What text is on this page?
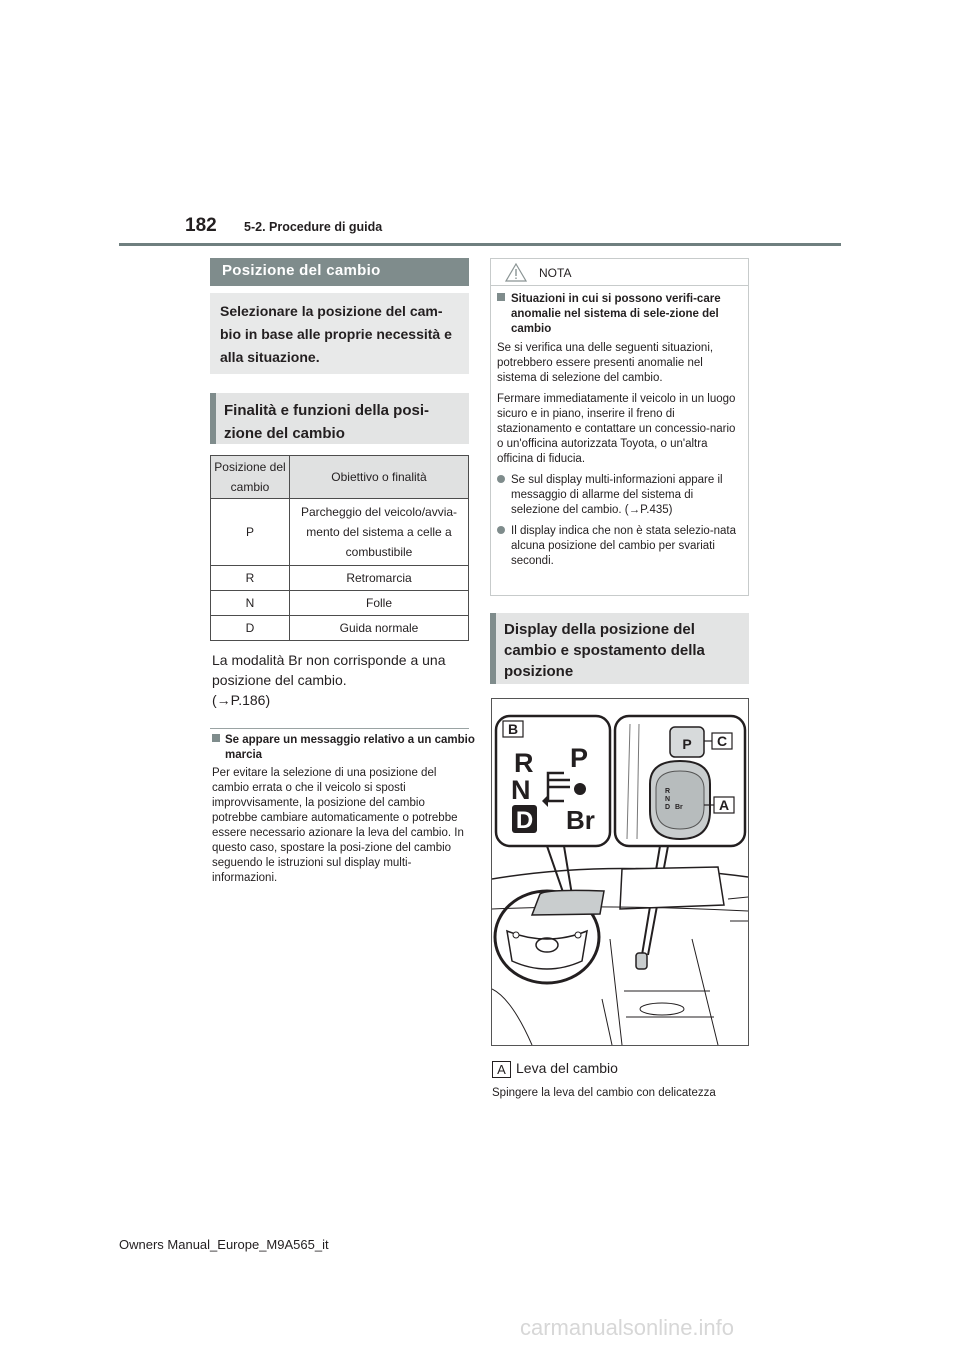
182 5-2. Procedure di guida
Posizione del cambio
Selezionare la posizione del cam-bio in base alle proprie necessità e alla situazione.
Finalità e funzioni della posi-zione del cambio
Posizione del cambio	Obiettivo o finalità
P	Parcheggio del veicolo/avvia-mento del sistema a celle a combustibile
R	Retromarcia
N	Folle
D	Guida normale
La modalità Br non corrisponde a una posizione del cambio.
(→P.186)
Se appare un messaggio relativo a un cambio marcia
Per evitare la selezione di una posizione del cambio errata o che il veicolo si sposti improvvisamente, la posizione del cambio potrebbe cambiare automaticamente o potrebbe essere necessario azionare la leva del cambio. In questo caso, spostare la posi-zione del cambio seguendo le istruzioni sul display multi-informazioni.
NOTA

Situazioni in cui si possono verifi-care anomalie nel sistema di sele-zione del cambio

Se si verifica una delle seguenti situazioni, potrebbero essere presenti anomalie nel sistema di selezione del cambio.

Fermare immediatamente il veicolo in un luogo sicuro e in piano, inserire il freno di stazionamento e contattare un concessio-nario o un'officina autorizzata Toyota, o un'altra officina di fiducia.

Se sul display multi-informazioni appare il messaggio di allarme del sistema di selezione del cambio. (→P.435)

Il display indica che non è stata selezio-nata alcuna posizione del cambio per svariati secondi.

Display della posizione del cambio e spostamento della posizione
B
R P
N
D Br
P C
R
N
D Br	A
A Leva del cambio
Spingere la leva del cambio con delicatezza
Owners Manual_Europe_M9A565_it
carmanualsonline.info
